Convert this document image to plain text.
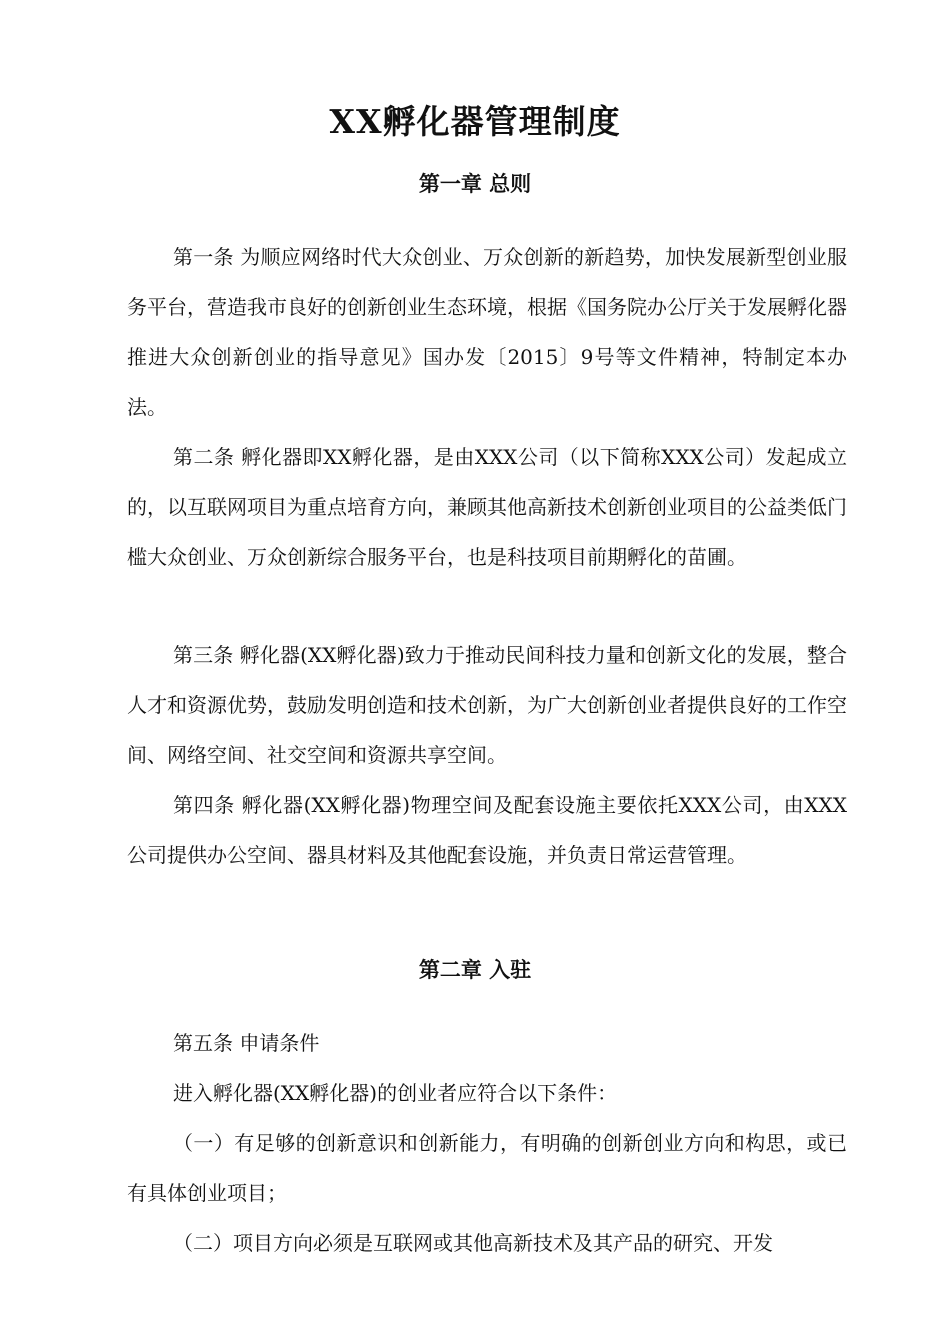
XX孵化器管理制度
第一章 总则

第一条 为顺应网络时代大众创业、万众创新的新趋势，加快发展新型创业服务平台，营造我市良好的创新创业生态环境，根据《国务院办公厅关于发展孵化器推进大众创新创业的指导意见》国办发〔2015〕9号等文件精神，特制定本办法。

第二条 孵化器即XX孵化器，是由XXX公司（以下简称XXX公司）发起成立的，以互联网项目为重点培育方向，兼顾其他高新技术创新创业项目的公益类低门槛大众创业、万众创新综合服务平台，也是科技项目前期孵化的苗圃。

第三条 孵化器(XX孵化器)致力于推动民间科技力量和创新文化的发展，整合人才和资源优势，鼓励发明创造和技术创新，为广大创新创业者提供良好的工作空间、网络空间、社交空间和资源共享空间。

第四条 孵化器(XX孵化器)物理空间及配套设施主要依托XXX公司，由XXX公司提供办公空间、器具材料及其他配套设施，并负责日常运营管理。

第二章 入驻

第五条 申请条件

进入孵化器(XX孵化器)的创业者应符合以下条件：

（一）有足够的创新意识和创新能力，有明确的创新创业方向和构思，或已有具体创业项目；

（二）项目方向必须是互联网或其他高新技术及其产品的研究、开发
